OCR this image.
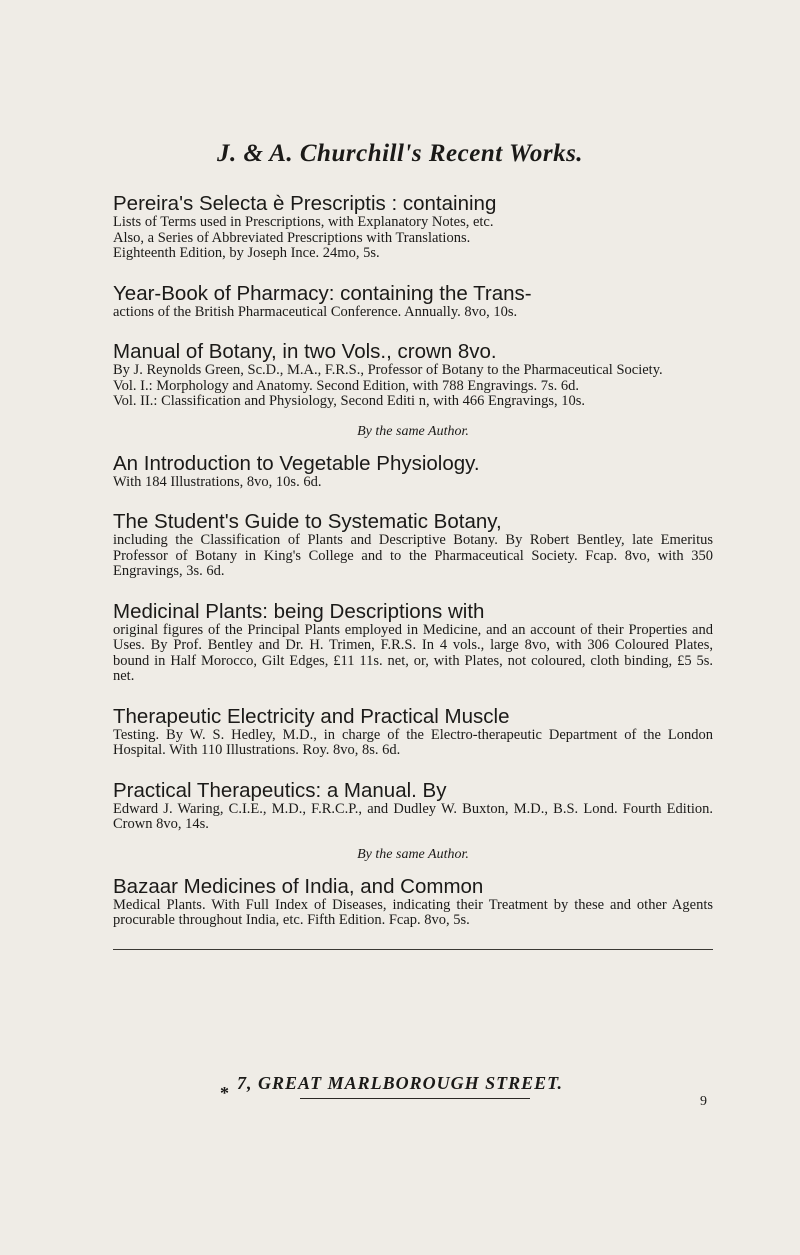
J. & A. Churchill's Recent Works.

Pereira's Selecta è Prescriptis : containing

Lists of Terms used in Prescriptions, with Explanatory Notes, etc.
Also, a Series of Abbreviated Prescriptions with Translations.
Eighteenth Edition, by Joseph Ince. 24mo, 5s.

Year-Book of Pharmacy: containing the Trans-

actions of the British Pharmaceutical Conference. Annually. 8vo, 10s.

Manual of Botany, in two Vols., crown 8vo.

By J. Reynolds Green, Sc.D., M.A., F.R.S., Professor of Botany to the Pharmaceutical Society.
Vol. I.: Morphology and Anatomy. Second Edition, with 788 Engravings. 7s. 6d.
Vol. II.: Classification and Physiology, Second Editi n, with 466 Engravings, 10s.

By the same Author.

An Introduction to Vegetable Physiology.

With 184 Illustrations, 8vo, 10s. 6d.

The Student's Guide to Systematic Botany,

including the Classification of Plants and Descriptive Botany. By Robert Bentley, late Emeritus Professor of Botany in King's College and to the Pharmaceutical Society. Fcap. 8vo, with 350 Engravings, 3s. 6d.

Medicinal Plants: being Descriptions with

original figures of the Principal Plants employed in Medicine, and an account of their Properties and Uses. By Prof. Bentley and Dr. H. Trimen, F.R.S. In 4 vols., large 8vo, with 306 Coloured Plates, bound in Half Morocco, Gilt Edges, £11 11s. net, or, with Plates, not coloured, cloth binding, £5 5s. net.

Therapeutic Electricity and Practical Muscle

Testing. By W. S. Hedley, M.D., in charge of the Electro-therapeutic Department of the London Hospital. With 110 Illustrations. Roy. 8vo, 8s. 6d.

Practical Therapeutics: a Manual. By

Edward J. Waring, C.I.E., M.D., F.R.C.P., and Dudley W. Buxton, M.D., B.S. Lond. Fourth Edition. Crown 8vo, 14s.

By the same Author.

Bazaar Medicines of India, and Common

Medical Plants. With Full Index of Diseases, indicating their Treatment by these and other Agents procurable throughout India, etc. Fifth Edition. Fcap. 8vo, 5s.

* 7, GREAT MARLBOROUGH STREET.
9
